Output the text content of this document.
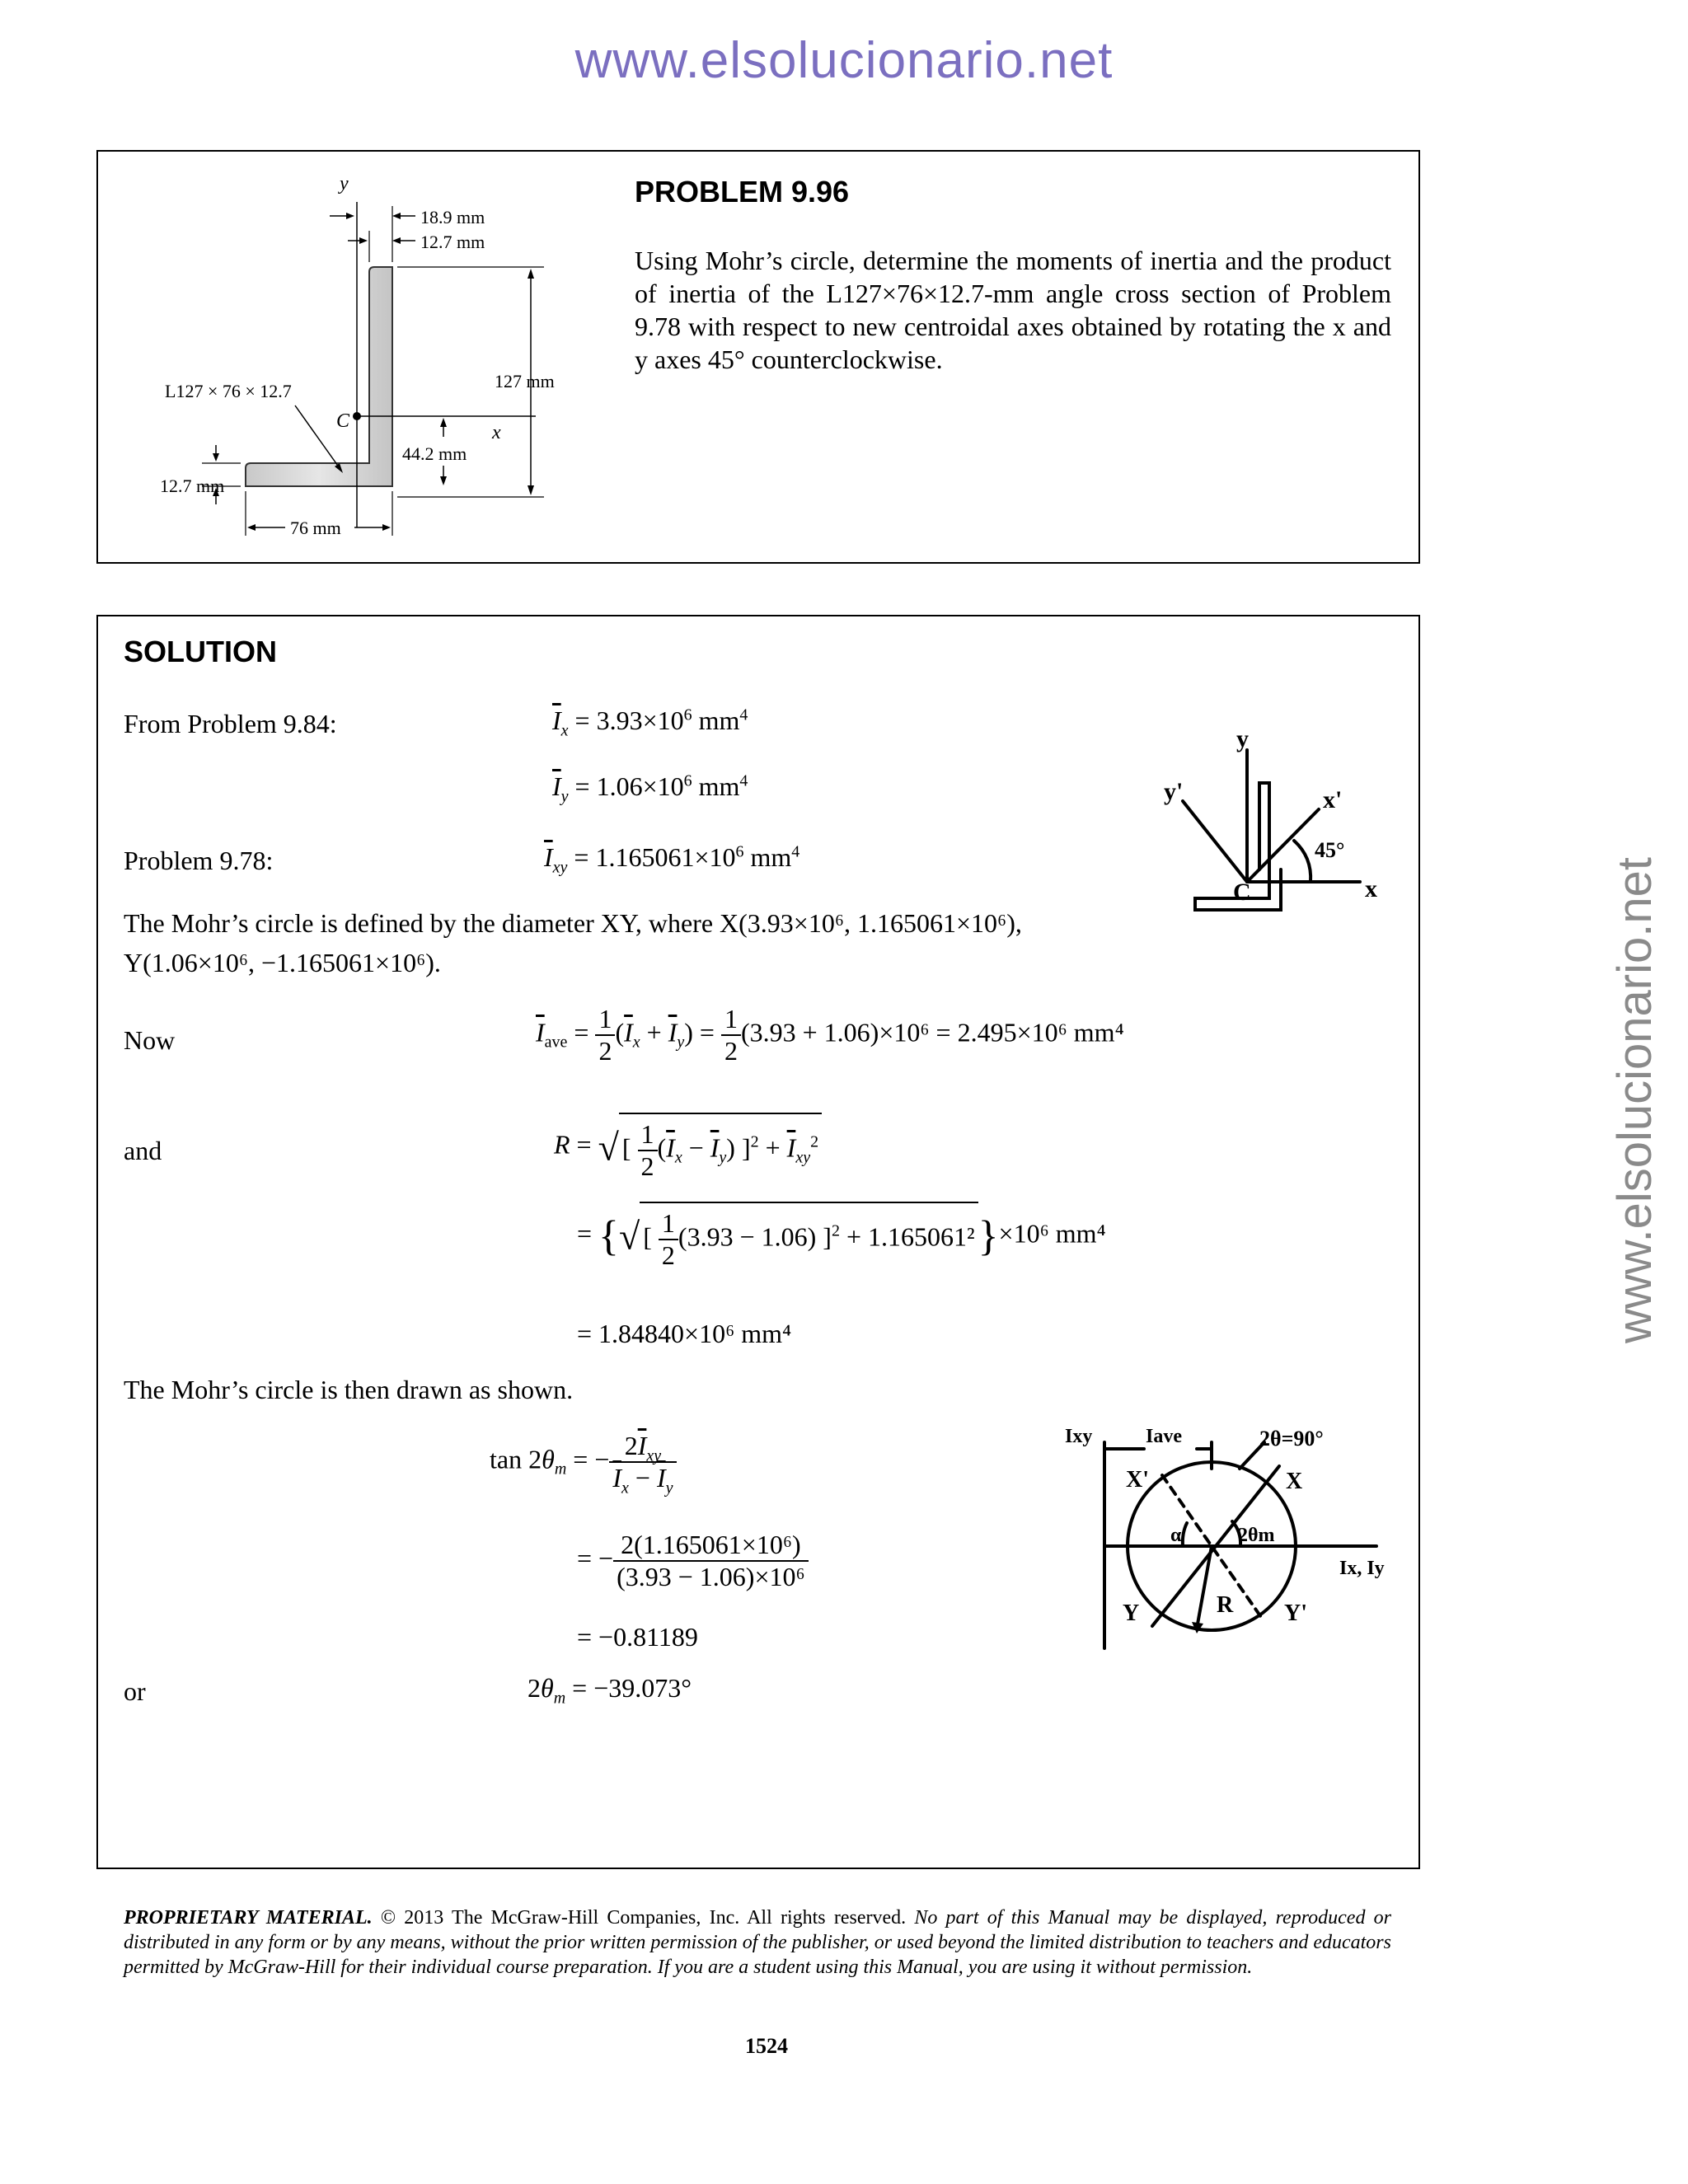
www.elsolucionario.net
www.elsolucionario.net
y
C
x
18.9 mm
12.7 mm
127 mm
44.2 mm
L127 × 76 × 12.7
12.7 mm
76 mm
PROBLEM 9.96
Using Mohr’s circle, determine the moments of inertia and the product of inertia of the L127×76×12.7-mm angle cross section of Problem 9.78 with respect to new centroidal axes obtained by rotating the x and y axes 45° counterclockwise.
SOLUTION
From Problem 9.84:	$\overline{I}_x = 3.93\times 10^6$ $mm^4$
$\overline{I}_y = 1.06\times 10^6$ $mm^4$
Problem 9.78:	$\overline{I}_{xy} = 1.165061\times 10^6$ $mm^4$
The Mohr’s circle is defined by the diameter XY, where X(3.93×10⁶, 1.165061×10⁶),
Y(1.06×10⁶, −1.165061×10⁶).
Now	$\overline{I}_{ave} = \frac{1}{2} (\overline{I}_x + \overline{I}_y) = \frac{1}{2} (3.93 + 1.06)\times 10^6 = 2.495\times 10^6$ mm⁴
and	R = √[ $\frac{1}{2} (\overline{I}_x - \overline{I}_y) ]^2 + \overline{I}_{xy}^2$
= {√ [ $\frac{1}{2} (3.93 - 1.06) ]^2 + 1.165061^2\}\times 10^6$ mm⁴
= 1.84840×10⁶ mm⁴
The Mohr’s circle is then drawn as shown.
$\tan 2\theta_m$ = − $\frac{2\overline{I}_{xy}}{\overline{I}_x - \overline{I}_y}$
= − $\frac{\text{2(1.165061×10⁶)}}{\text{(3.93 − 1.06)×10⁶}}$
= −0.81189
or	$2\theta_m = -39.073^\circ$
y
y'	x'
45°
C	x
Ixy	Iave	2θ=90°
X'	X
α	2θm
Ix, Iy
Y	R Y'
PROPRIETARY MATERIAL. © 2013 The McGraw-Hill Companies, Inc. All rights reserved. No part of this Manual may be displayed, reproduced or distributed in any form or by any means, without the prior written permission of the publisher, or used beyond the limited distribution to teachers and educators permitted by McGraw-Hill for their individual course preparation. If you are a student using this Manual, you are using it without permission.
1524
